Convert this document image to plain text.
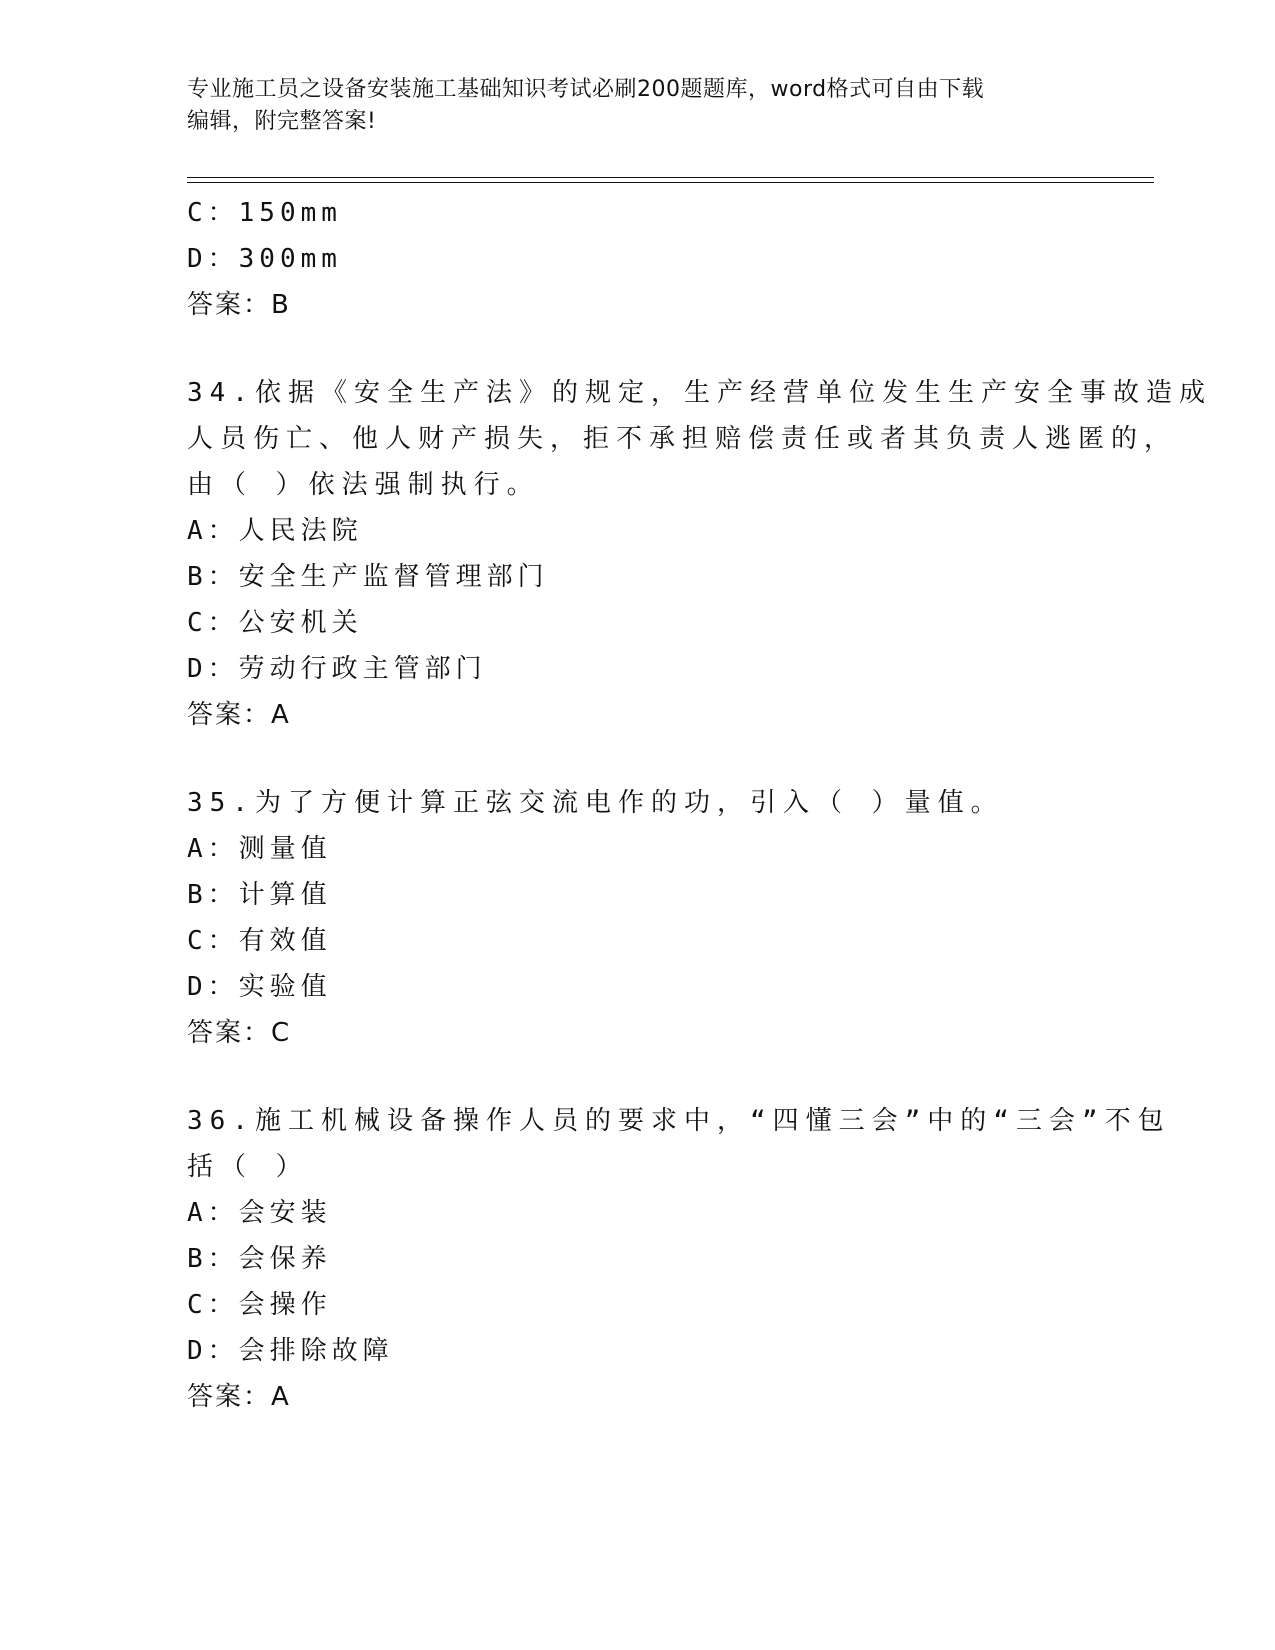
专业施工员之设备安装施工基础知识考试必刷200题题库，word格式可自由下载
编辑，附完整答案!
C：150mm
D：300mm
答案：B
34.依据《安全生产法》的规定，生产经营单位发生生产安全事故造成
人员伤亡、他人财产损失，拒不承担赔偿责任或者其负责人逃匿的，
由（ ）依法强制执行。
A：人民法院
B：安全生产监督管理部门
C：公安机关
D：劳动行政主管部门
答案：A
35.为了方便计算正弦交流电作的功，引入（ ）量值。
A：测量值
B：计算值
C：有效值
D：实验值
答案：C
36.施工机械设备操作人员的要求中，“四懂三会”中的“三会”不包
括（ ）
A：会安装
B：会保养
C：会操作
D：会排除故障
答案：A
